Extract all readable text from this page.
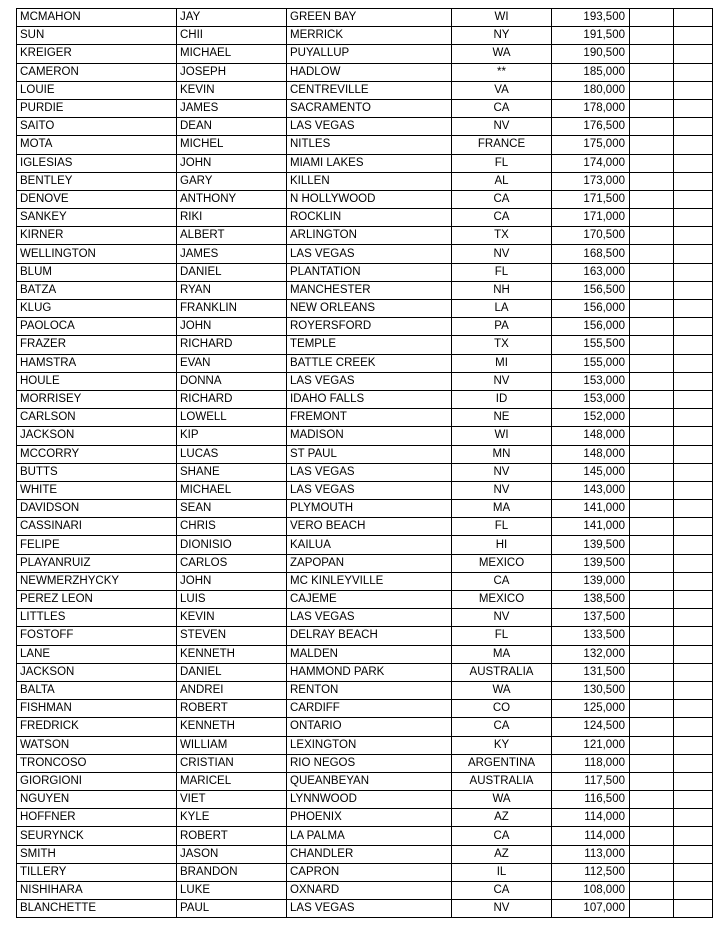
MCMAHON	JAY	GREEN BAY	WI	193,500		
SUN	CHII	MERRICK	NY	191,500		
KREIGER	MICHAEL	PUYALLUP	WA	190,500		
CAMERON	JOSEPH	HADLOW	**	185,000		
LOUIE	KEVIN	CENTREVILLE	VA	180,000		
PURDIE	JAMES	SACRAMENTO	CA	178,000		
SAITO	DEAN	LAS VEGAS	NV	176,500		
MOTA	MICHEL	NITLES	FRANCE	175,000		
IGLESIAS	JOHN	MIAMI LAKES	FL	174,000		
BENTLEY	GARY	KILLEN	AL	173,000		
DENOVE	ANTHONY	N HOLLYWOOD	CA	171,500		
SANKEY	RIKI	ROCKLIN	CA	171,000		
KIRNER	ALBERT	ARLINGTON	TX	170,500		
WELLINGTON	JAMES	LAS VEGAS	NV	168,500		
BLUM	DANIEL	PLANTATION	FL	163,000		
BATZA	RYAN	MANCHESTER	NH	156,500		
KLUG	FRANKLIN	NEW ORLEANS	LA	156,000		
PAOLOCA	JOHN	ROYERSFORD	PA	156,000		
FRAZER	RICHARD	TEMPLE	TX	155,500		
HAMSTRA	EVAN	BATTLE CREEK	MI	155,000		
HOULE	DONNA	LAS VEGAS	NV	153,000		
MORRISEY	RICHARD	IDAHO FALLS	ID	153,000		
CARLSON	LOWELL	FREMONT	NE	152,000		
JACKSON	KIP	MADISON	WI	148,000		
MCCORRY	LUCAS	ST PAUL	MN	148,000		
BUTTS	SHANE	LAS VEGAS	NV	145,000		
WHITE	MICHAEL	LAS VEGAS	NV	143,000		
DAVIDSON	SEAN	PLYMOUTH	MA	141,000		
CASSINARI	CHRIS	VERO BEACH	FL	141,000		
FELIPE	DIONISIO	KAILUA	HI	139,500		
PLAYANRUIZ	CARLOS	ZAPOPAN	MEXICO	139,500		
NEWMERZHYCKY	JOHN	MC KINLEYVILLE	CA	139,000		
PEREZ LEON	LUIS	CAJEME	MEXICO	138,500		
LITTLES	KEVIN	LAS VEGAS	NV	137,500		
FOSTOFF	STEVEN	DELRAY BEACH	FL	133,500		
LANE	KENNETH	MALDEN	MA	132,000		
JACKSON	DANIEL	HAMMOND PARK	AUSTRALIA	131,500		
BALTA	ANDREI	RENTON	WA	130,500		
FISHMAN	ROBERT	CARDIFF	CO	125,000		
FREDRICK	KENNETH	ONTARIO	CA	124,500		
WATSON	WILLIAM	LEXINGTON	KY	121,000		
TRONCOSO	CRISTIAN	RIO NEGOS	ARGENTINA	118,000		
GIORGIONI	MARICEL	QUEANBEYAN	AUSTRALIA	117,500		
NGUYEN	VIET	LYNNWOOD	WA	116,500		
HOFFNER	KYLE	PHOENIX	AZ	114,000		
SEURYNCK	ROBERT	LA PALMA	CA	114,000		
SMITH	JASON	CHANDLER	AZ	113,000		
TILLERY	BRANDON	CAPRON	IL	112,500		
NISHIHARA	LUKE	OXNARD	CA	108,000		
BLANCHETTE	PAUL	LAS VEGAS	NV	107,000		
